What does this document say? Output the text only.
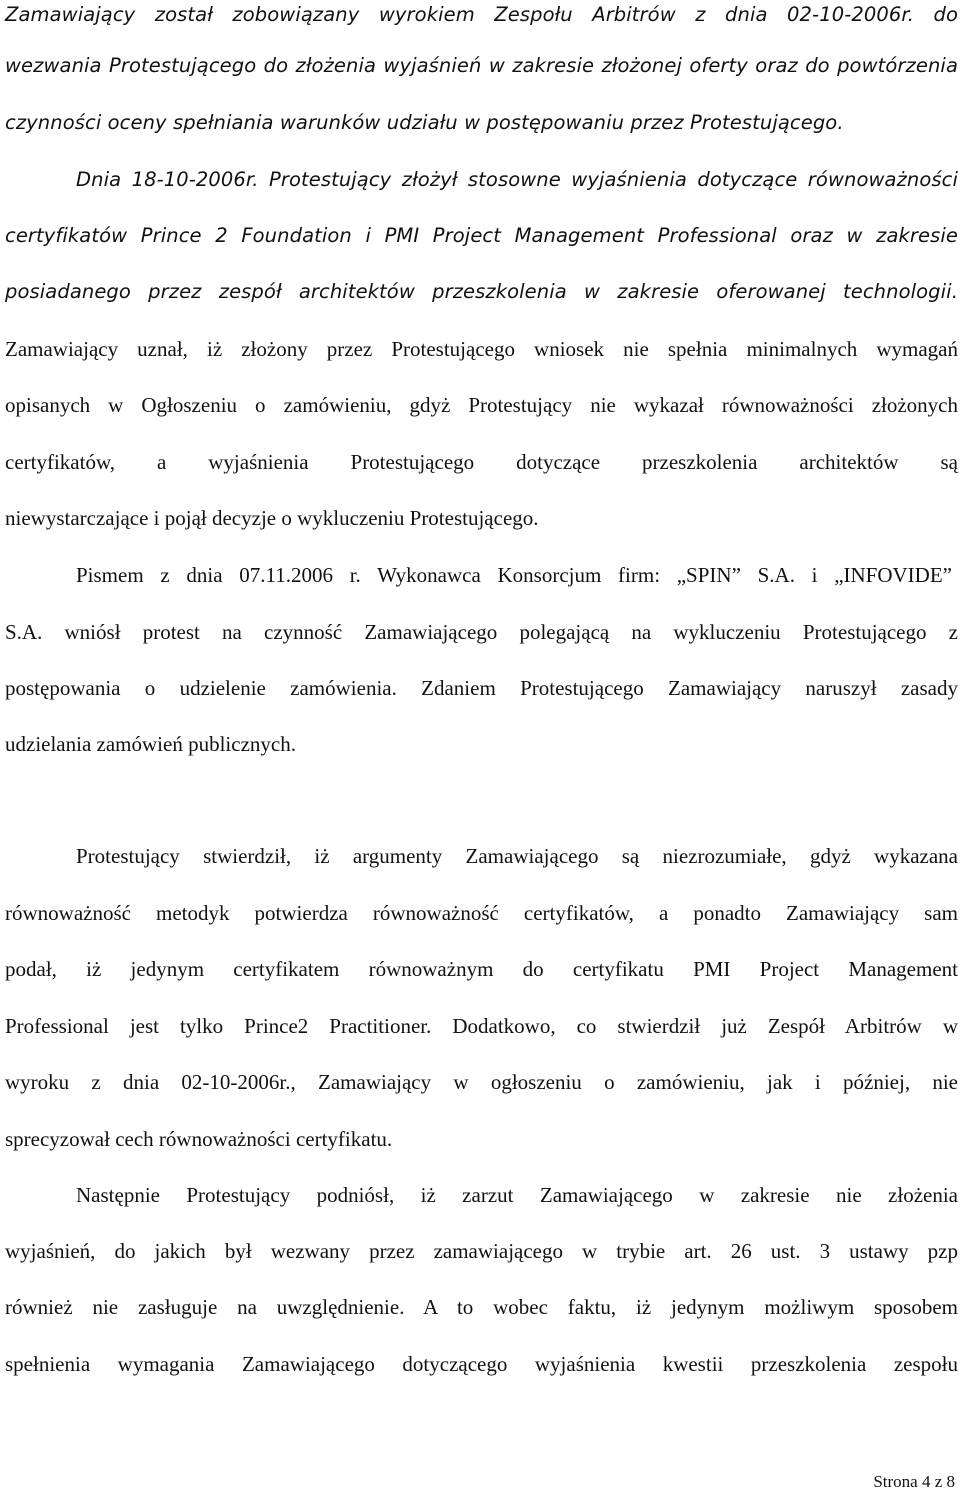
Zamawiający został zobowiązany wyrokiem Zespołu Arbitrów z dnia 02-10-2006r. do
wezwania Protestującego do złożenia wyjaśnień w zakresie złożonej oferty oraz do powtórzenia
czynności oceny spełniania warunków udziału w postępowaniu przez Protestującego.
Dnia 18-10-2006r. Protestujący złożył stosowne wyjaśnienia dotyczące równoważności
certyfikatów Prince 2 Foundation i PMI Project Management Professional oraz w zakresie
posiadanego przez zespół architektów przeszkolenia w zakresie oferowanej technologii.
Zamawiający uznał, iż złożony przez Protestującego wniosek nie spełnia minimalnych wymagań
opisanych w Ogłoszeniu o zamówieniu, gdyż Protestujący nie wykazał równoważności złożonych
certyfikatów, a wyjaśnienia Protestującego dotyczące przeszkolenia architektów są
niewystarczające i pojął decyzje o wykluczeniu Protestującego.
Pismem z dnia 07.11.2006 r. Wykonawca Konsorcjum firm: „SPIN” S.A. i „INFOVIDE”
S.A. wniósł protest na czynność Zamawiającego polegającą na wykluczeniu Protestującego z
postępowania o udzielenie zamówienia. Zdaniem Protestującego Zamawiający naruszył zasady
udzielania zamówień publicznych.
Protestujący stwierdził, iż argumenty Zamawiającego są niezrozumiałe, gdyż wykazana
równoważność metodyk potwierdza równoważność certyfikatów, a ponadto Zamawiający sam
podał, iż jedynym certyfikatem równoważnym do certyfikatu PMI Project Management
Professional jest tylko Prince2 Practitioner. Dodatkowo, co stwierdził już Zespół Arbitrów w
wyroku z dnia 02-10-2006r., Zamawiający w ogłoszeniu o zamówieniu, jak i później, nie
sprecyzował cech równoważności certyfikatu.
Następnie Protestujący podniósł, iż zarzut Zamawiającego w zakresie nie złożenia
wyjaśnień, do jakich był wezwany przez zamawiającego w trybie art. 26 ust. 3 ustawy pzp
również nie zasługuje na uwzględnienie. A to wobec faktu, iż jedynym możliwym sposobem
spełnienia wymagania Zamawiającego dotyczącego wyjaśnienia kwestii przeszkolenia zespołu
Strona 4 z 8
